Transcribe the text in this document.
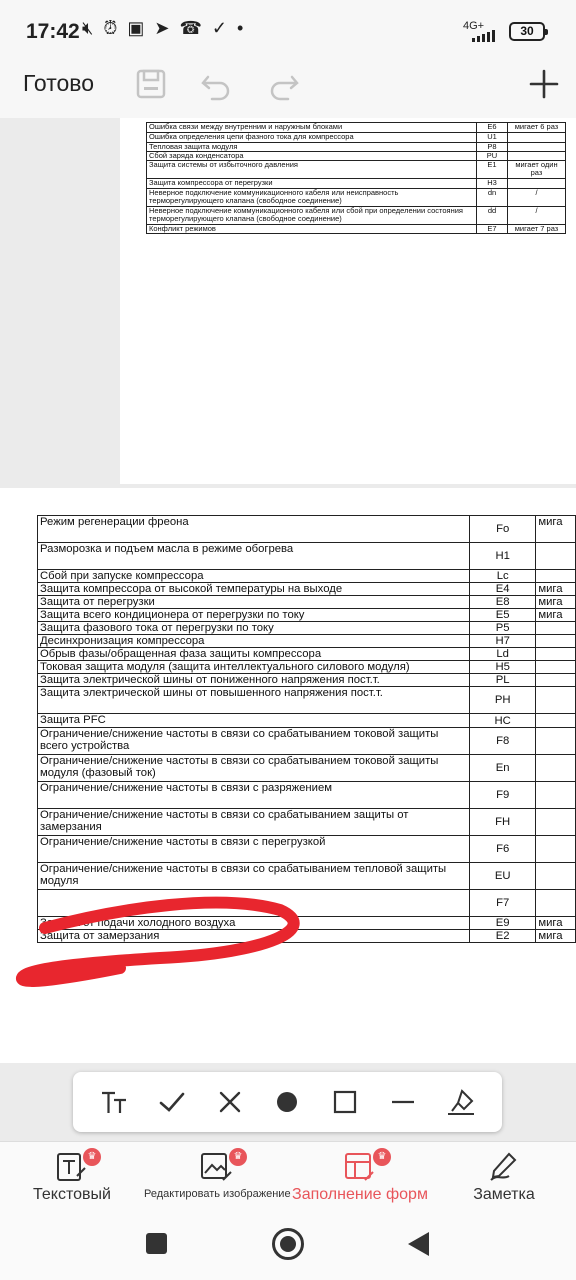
17:42 🔇︎ ⏰︎ ▣ ➤ ☎︎ ✓ •	4G+	30
Готово
Ошибка связи между внутренним и наружным блоками	E6	мигает 6 раз
Ошибка определения цепи фазного тока для компрессора	U1	
Тепловая защита модуля	P8	
Сбой заряда конденсатора	PU	
Защита системы от избыточного давления	E1	мигает один раз
Защита компрессора от перегрузки	H3	
Неверное подключение коммуникационного кабеля или неисправность терморегулирующего клапана (свободное соединение)	dn	/
Неверное подключение коммуникационного кабеля или сбой при определении состояния терморегулирующего клапана (свободное соединение)	dd	/
Конфликт режимов	E7	мигает 7 раз
Режим регенерации фреона	Fo	мига
Разморозка и подъем масла в режиме обогрева	H1	
Сбой при запуске компрессора	Lc	
Защита компрессора от высокой температуры на выходе	E4	мига
Защита от перегрузки	E8	мига
Защита всего кондиционера от перегрузки по току	E5	мига
Защита фазового тока от перегрузки по току	P5	
Десинхронизация компрессора	H7	
Обрыв фазы/обращенная фаза защиты компрессора	Ld	
Токовая защита модуля (защита интеллектуального силового модуля)	H5	
Защита электрической шины от пониженного напряжения пост.т.	PL	
Защита электрической шины от повышенного напряжения пост.т.	PH	
Защита PFC	HC	
Ограничение/снижение частоты в связи со срабатыванием токовой защиты всего устройства	F8	
Ограничение/снижение частоты в связи со срабатыванием токовой защиты модуля (фазовый ток)	En	
Ограничение/снижение частоты в связи с разряжением	F9	
Ограничение/снижение частоты в связи со срабатыванием защиты от замерзания	FH	
Ограничение/снижение частоты в связи с перегрузкой	F6	
Ограничение/снижение частоты в связи со срабатыванием тепловой защиты модуля	EU	
	F7	
Защита от подачи холодного воздуха	E9	мига
Защита от замерзания	E2	мига
♛
Текстовый
♛
Редактировать изображение
♛
Заполнение форм	Заметка
